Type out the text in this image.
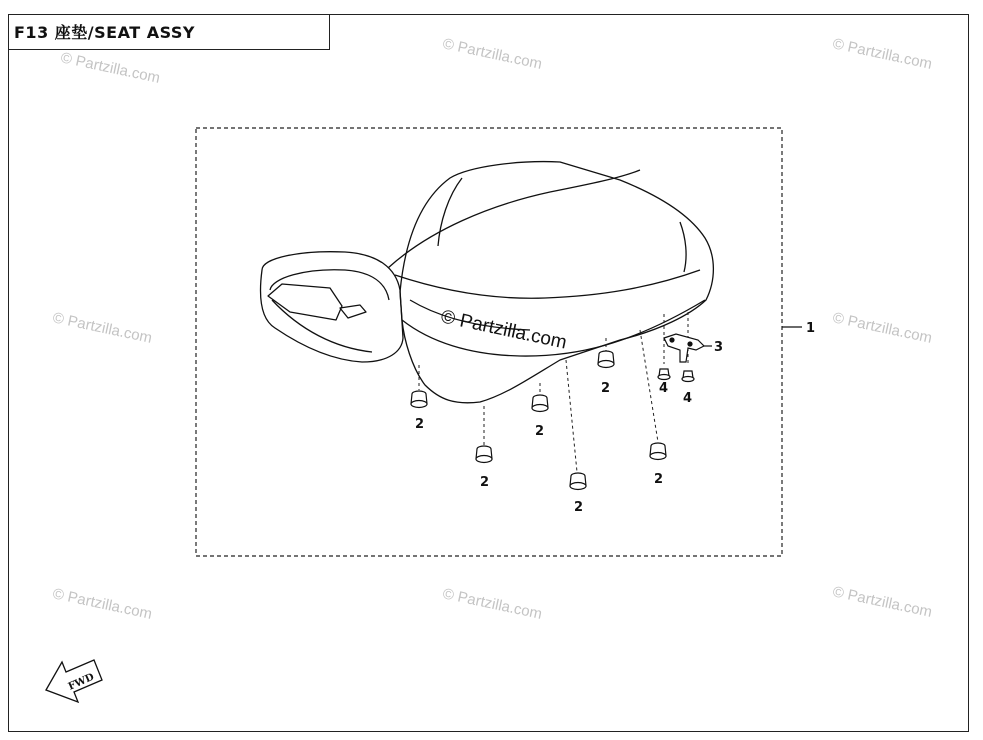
F13 座垫/SEAT ASSY
© Partzilla.com	© Partzilla.com	© Partzilla.com
© Partzilla.com	© Partzilla.com
© Partzilla.com	© Partzilla.com	© Partzilla.com
1
3
4
4
2
2
2
2
2
2
© Partzilla.com
FWD
